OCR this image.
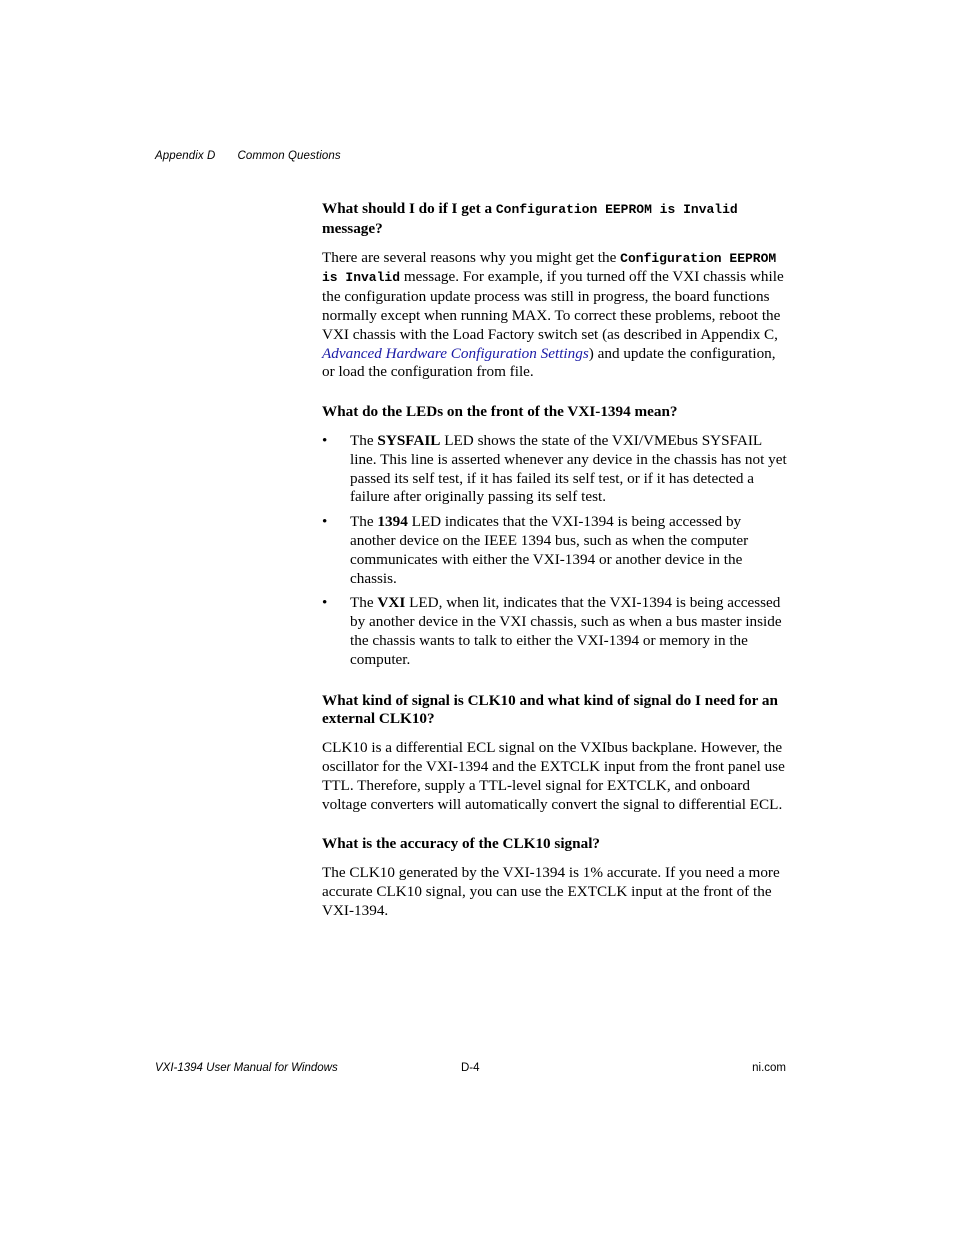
Appendix D Common Questions

What should I do if I get a Configuration EEPROM is Invalid message?

There are several reasons why you might get the Configuration EEPROM is Invalid message. For example, if you turned off the VXI chassis while the configuration update process was still in progress, the board functions normally except when running MAX. To correct these problems, reboot the VXI chassis with the Load Factory switch set (as described in Appendix C, Advanced Hardware Configuration Settings) and update the configuration, or load the configuration from file.

What do the LEDs on the front of the VXI-1394 mean?

• The SYSFAIL LED shows the state of the VXI/VMEbus SYSFAIL line. This line is asserted whenever any device in the chassis has not yet passed its self test, if it has failed its self test, or if it has detected a failure after originally passing its self test.
• The 1394 LED indicates that the VXI-1394 is being accessed by another device on the IEEE 1394 bus, such as when the computer communicates with either the VXI-1394 or another device in the chassis.
• The VXI LED, when lit, indicates that the VXI-1394 is being accessed by another device in the VXI chassis, such as when a bus master inside the chassis wants to talk to either the VXI-1394 or memory in the computer.

What kind of signal is CLK10 and what kind of signal do I need for an external CLK10?

CLK10 is a differential ECL signal on the VXIbus backplane. However, the oscillator for the VXI-1394 and the EXTCLK input from the front panel use TTL. Therefore, supply a TTL-level signal for EXTCLK, and onboard voltage converters will automatically convert the signal to differential ECL.

What is the accuracy of the CLK10 signal?

The CLK10 generated by the VXI-1394 is 1% accurate. If you need a more accurate CLK10 signal, you can use the EXTCLK input at the front of the VXI-1394.

VXI-1394 User Manual for Windows	D-4	ni.com
